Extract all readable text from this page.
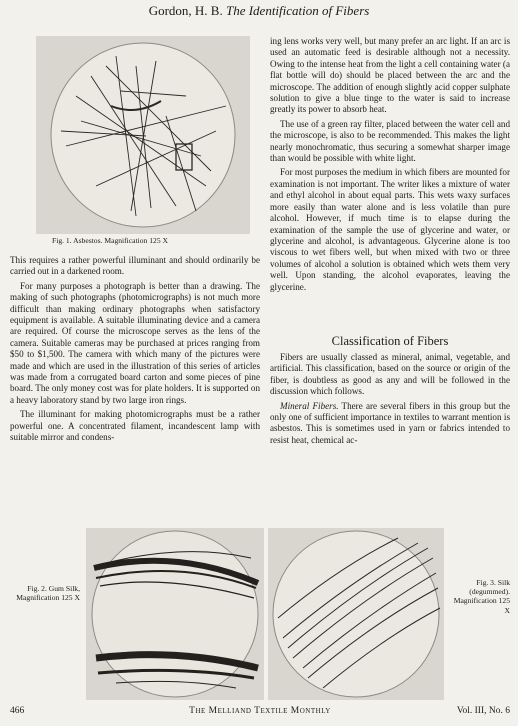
Gordon, H. B. The Identification of Fibers
Fig. 1. Asbestos. Magnification 125 X

This requires a rather powerful illuminant and should ordinarily be carried out in a darkened room.

For many purposes a photograph is better than a drawing. The making of such photographs (photomicrographs) is not much more difficult than making ordinary photographs when satisfactory equipment is available. A suitable illuminating device and a camera are required. Of course the microscope serves as the lens of the camera. Suitable cameras may be purchased at prices ranging from $50 to $1,500. The camera with which many of the pictures were made and which are used in the illustration of this series of articles was made from a corrugated board carton and some pieces of pine board. The only money cost was for plate holders. It is supported on a heavy laboratory stand by two large iron rings.

The illuminant for making photomicrographs must be a rather powerful one. A concentrated filament, incandescent lamp with suitable mirror and condens-

ing lens works very well, but many prefer an arc light. If an arc is used an automatic feed is desirable although not a necessity. Owing to the intense heat from the light a cell containing water (a flat bottle will do) should be placed between the arc and the microscope. The addition of enough slightly acid copper sulphate solution to give a blue tinge to the water is said to increase greatly its power to absorb heat.

The use of a green ray filter, placed between the water cell and the microscope, is also to be recommended. This makes the light nearly monochromatic, thus securing a somewhat sharper image than would be possible with white light.

For most purposes the medium in which fibers are mounted for examination is not important. The writer likes a mixture of water and ethyl alcohol in about equal parts. This wets waxy surfaces more easily than water alone and is less volatile than pure alcohol. However, if much time is to elapse during the examination of the sample the use of glycerine and water, or glycerine and alcohol, is advantageous. Glycerine alone is too viscous to wet fibers well, but when mixed with two or three volumes of alcohol a solution is obtained which wets them very well. Upon standing, the alcohol evaporates, leaving the glycerine.

Classification of Fibers

Fibers are usually classed as mineral, animal, vegetable, and artificial. This classification, based on the source or origin of the fiber, is doubtless as good as any and will be followed in the discussion which follows.

Mineral Fibers. There are several fibers in this group but the only one of sufficient importance in textiles to warrant mention is asbestos. This is sometimes used in yarn or fabrics intended to resist heat, chemical ac-

Fig. 2. Gum Silk, Magnification 125 X
Fig. 3. Silk (degummed). Magnification 125 X
466	The Melliand Textile Monthly	Vol. III, No. 6
